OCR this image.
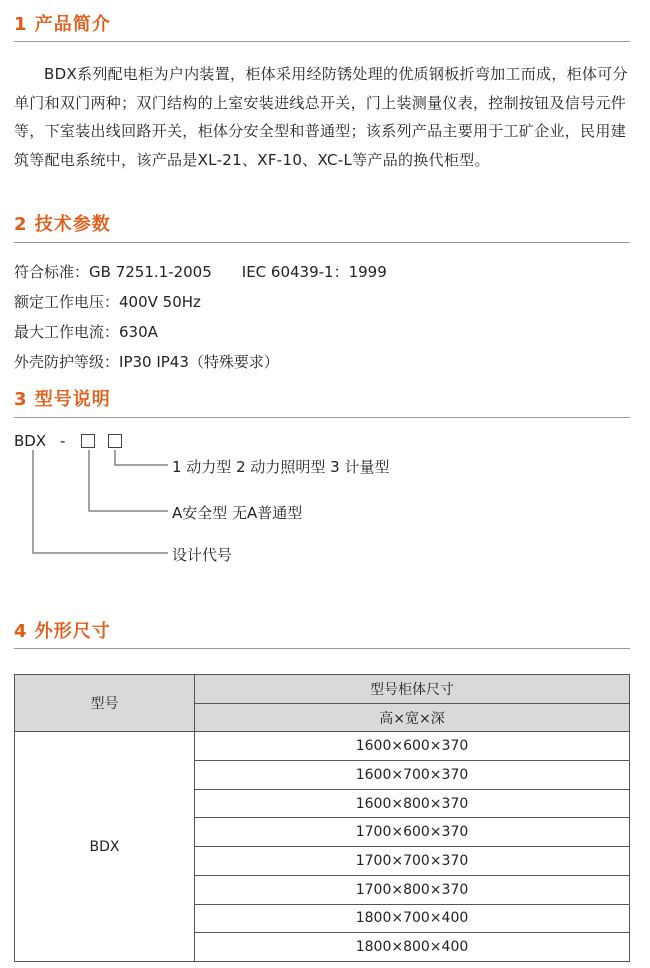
1 产品简介
BDX系列配电柜为户内装置，柜体采用经防锈处理的优质钢板折弯加工而成，柜体可分单门和双门两种；双门结构的上室安装进线总开关，门上装测量仪表，控制按钮及信号元件等，下室装出线回路开关，柜体分安全型和普通型；该系列产品主要用于工矿企业，民用建筑等配电系统中，该产品是XL-21、XF-10、XC-L等产品的换代柜型。
2 技术参数
符合标准：GB 7251.1-2005 IEC 60439-1：1999
额定工作电压：400V 50Hz
最大工作电流：630A
外壳防护等级：IP30 IP43（特殊要求）
3 型号说明
BDX -
1 动力型 2 动力照明型 3 计量型
A安全型 无A普通型
设计代号
4 外形尺寸
型号	型号柜体尺寸
	高×宽×深
BDX	1600×600×370
	1600×700×370
	1600×800×370
	1700×600×370
	1700×700×370
	1700×800×370
	1800×700×400
	1800×800×400
